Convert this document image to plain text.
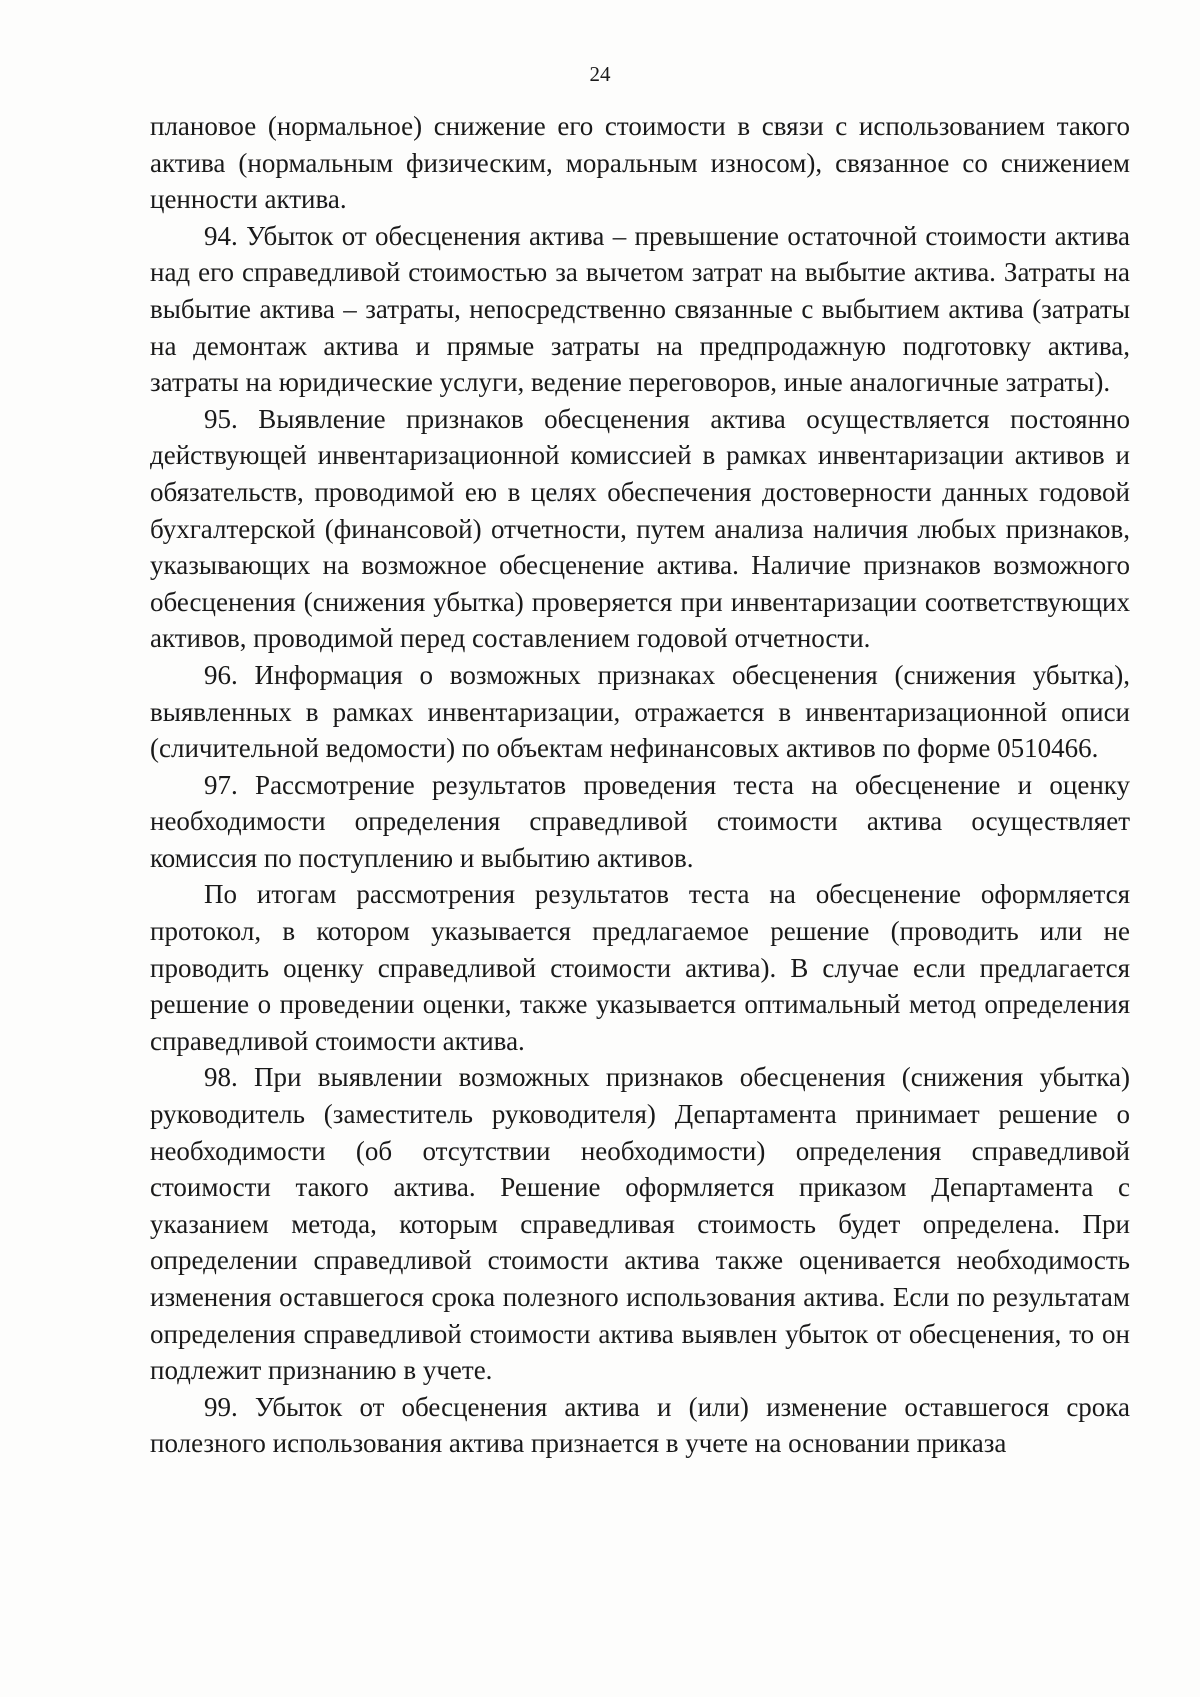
24

плановое (нормальное) снижение его стоимости в связи с использованием такого актива (нормальным физическим, моральным износом), связанное со снижением ценности актива.

94. Убыток от обесценения актива – превышение остаточной стоимости актива над его справедливой стоимостью за вычетом затрат на выбытие актива. Затраты на выбытие актива – затраты, непосредственно связанные с выбытием актива (затраты на демонтаж актива и прямые затраты на предпродажную подготовку актива, затраты на юридические услуги, ведение переговоров, иные аналогичные затраты).

95. Выявление признаков обесценения актива осуществляется постоянно действующей инвентаризационной комиссией в рамках инвентаризации активов и обязательств, проводимой ею в целях обеспечения достоверности данных годовой бухгалтерской (финансовой) отчетности, путем анализа наличия любых признаков, указывающих на возможное обесценение актива. Наличие признаков возможного обесценения (снижения убытка) проверяется при инвентаризации соответствующих активов, проводимой перед составлением годовой отчетности.

96. Информация о возможных признаках обесценения (снижения убытка), выявленных в рамках инвентаризации, отражается в инвентаризационной описи (сличительной ведомости) по объектам нефинансовых активов по форме 0510466.

97. Рассмотрение результатов проведения теста на обесценение и оценку необходимости определения справедливой стоимости актива осуществляет комиссия по поступлению и выбытию активов.

По итогам рассмотрения результатов теста на обесценение оформляется протокол, в котором указывается предлагаемое решение (проводить или не проводить оценку справедливой стоимости актива). В случае если предлагается решение о проведении оценки, также указывается оптимальный метод определения справедливой стоимости актива.

98. При выявлении возможных признаков обесценения (снижения убытка) руководитель (заместитель руководителя) Департамента принимает решение о необходимости (об отсутствии необходимости) определения справедливой стоимости такого актива. Решение оформляется приказом Департамента с указанием метода, которым справедливая стоимость будет определена. При определении справедливой стоимости актива также оценивается необходимость изменения оставшегося срока полезного использования актива. Если по результатам определения справедливой стоимости актива выявлен убыток от обесценения, то он подлежит признанию в учете.

99. Убыток от обесценения актива и (или) изменение оставшегося срока полезного использования актива признается в учете на основании приказа
